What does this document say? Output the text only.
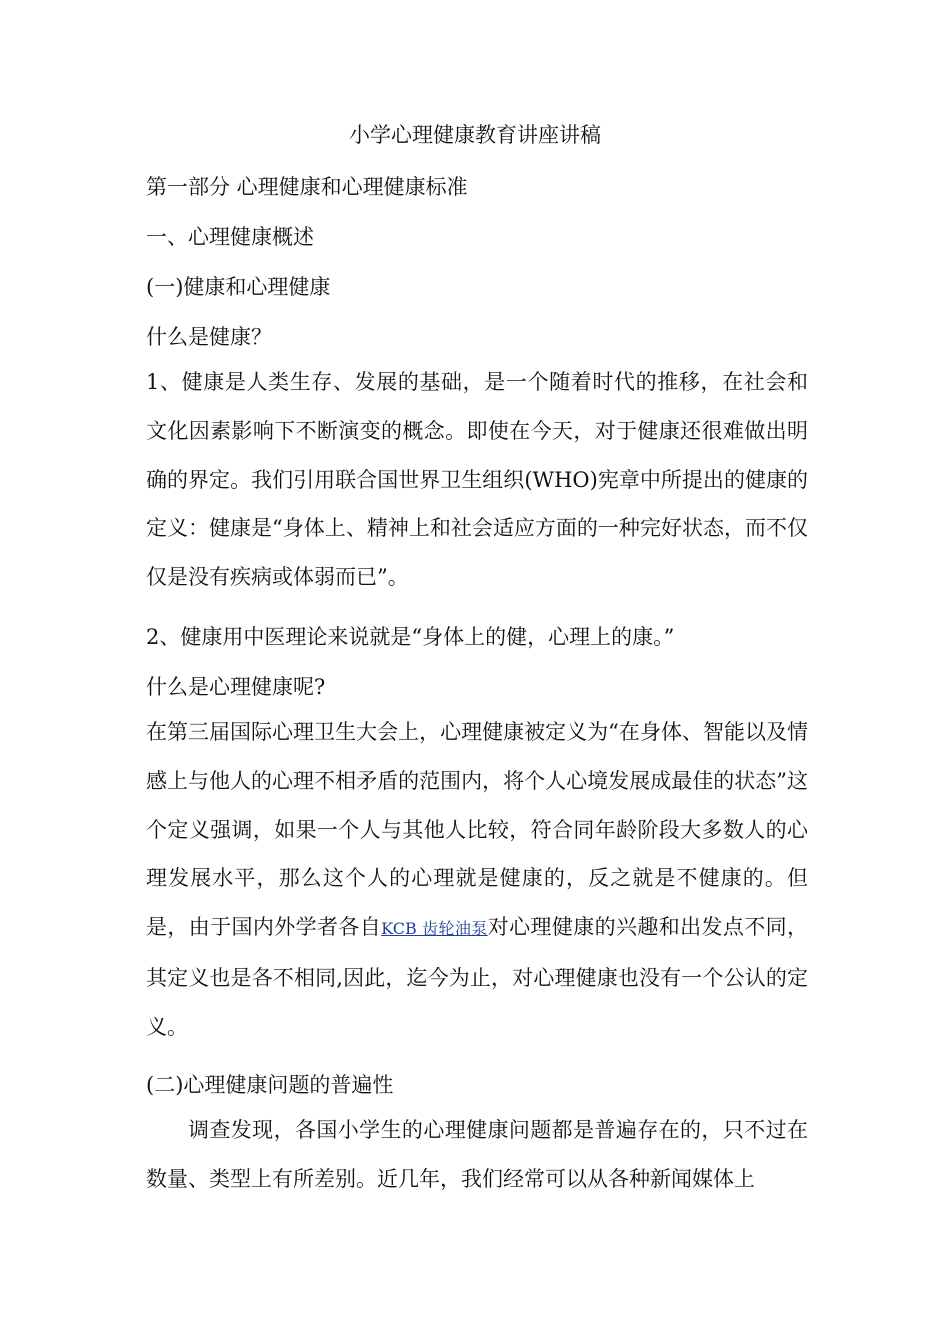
小学心理健康教育讲座讲稿
第一部分 心理健康和心理健康标准
一、心理健康概述
(一)健康和心理健康
什么是健康？

1、健康是人类生存、发展的基础，是一个随着时代的推移，在社会和文化因素影响下不断演变的概念。即使在今天，对于健康还很难做出明确的界定。我们引用联合国世界卫生组织(WHO)宪章中所提出的健康的定义：健康是“身体上、精神上和社会适应方面的一种完好状态，而不仅仅是没有疾病或体弱而已”。

2、健康用中医理论来说就是“身体上的健，心理上的康。”
什么是心理健康呢?

在第三届国际心理卫生大会上，心理健康被定义为“在身体、智能以及情感上与他人的心理不相矛盾的范围内，将个人心境发展成最佳的状态”这个定义强调，如果一个人与其他人比较，符合同年龄阶段大多数人的心理发展水平，那么这个人的心理就是健康的，反之就是不健康的。但是，由于国内外学者各自KCB 齿轮油泵对心理健康的兴趣和出发点不同，其定义也是各不相同,因此，迄今为止，对心理健康也没有一个公认的定义。

(二)心理健康问题的普遍性

调查发现，各国小学生的心理健康问题都是普遍存在的，只不过在数量、类型上有所差别。近几年，我们经常可以从各种新闻媒体上
